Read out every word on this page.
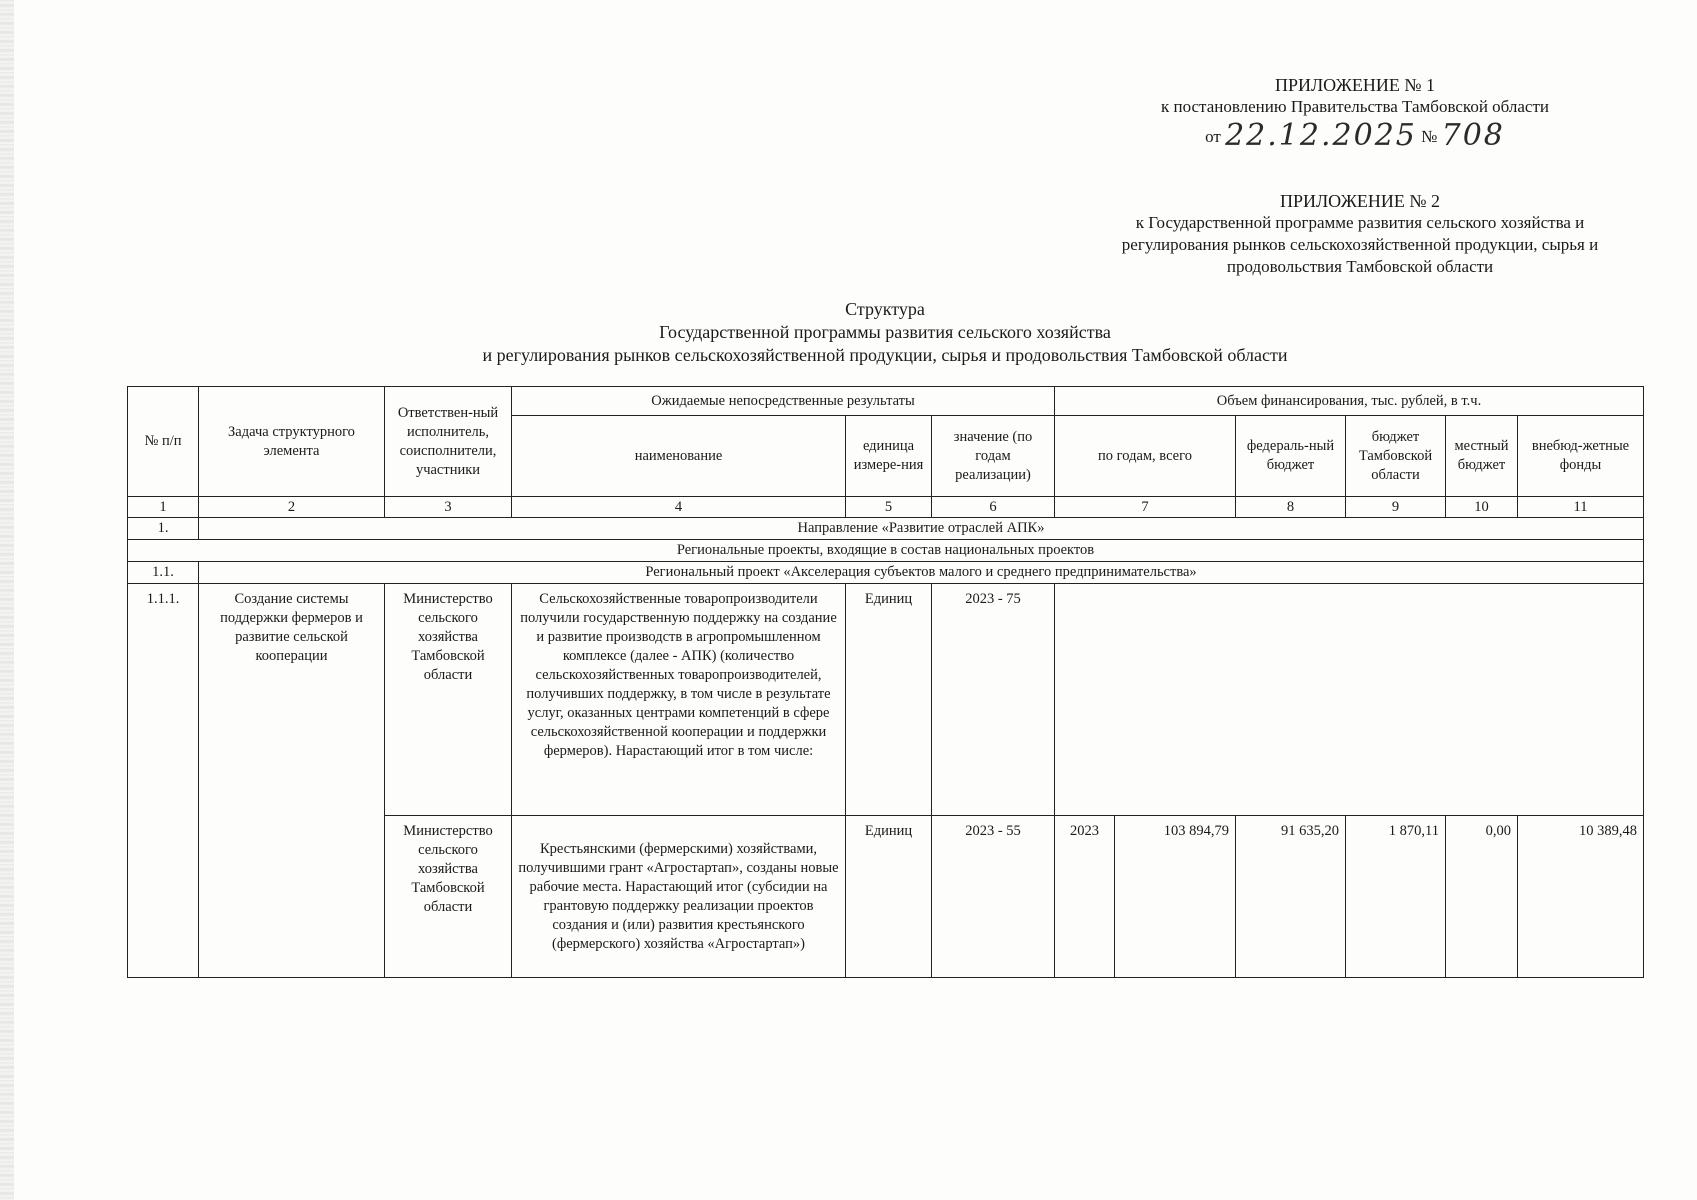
ПРИЛОЖЕНИЕ № 1
к постановлению Правительства Тамбовской области
от 22.12.2025 № 708
ПРИЛОЖЕНИЕ № 2
к Государственной программе развития сельского хозяйства и
регулирования рынков сельскохозяйственной продукции, сырья и
продовольствия Тамбовской области
Структура
Государственной программы развития сельского хозяйства
и регулирования рынков сельскохозяйственной продукции, сырья и продовольствия Тамбовской области
№ п/п	Задача структурного элемента	Ответствен-ный исполнитель, соисполнители, участники	Ожидаемые непосредственные результаты			Объем финансирования, тыс. рублей, в т.ч.					
			наименование	единица измере-ния	значение (по годам реализации)	по годам, всего		федераль-ный бюджет	бюджет Тамбовской области	местный бюджет	внебюд-жетные фонды
1	2	3	4	5	6	7		8	9	10	11
1.	Направление «Развитие отраслей АПК»										
Региональные проекты, входящие в состав национальных проектов											
1.1.	Региональный проект «Акселерация субъектов малого и среднего предпринимательства»										
1.1.1.	Создание системы поддержки фермеров и развитие сельской кооперации	Министерство сельского хозяйства Тамбовской области	Сельскохозяйственные товаропроизводители получили государственную поддержку на создание и развитие производств в агропромышленном комплексе (далее - АПК) (количество сельскохозяйственных товаропроизводителей, получивших поддержку, в том числе в результате услуг, оказанных центрами компетенций в сфере сельскохозяйственной кооперации и поддержки фермеров). Нарастающий итог в том числе:	Единиц	2023 - 75						
		Министерство сельского хозяйства Тамбовской области	Крестьянскими (фермерскими) хозяйствами, получившими грант «Агростартап», созданы новые рабочие места. Нарастающий итог (субсидии на грантовую поддержку реализации проектов создания и (или) развития крестьянского (фермерского) хозяйства «Агростартап»)	Единиц	2023 - 55	2023	103 894,79	91 635,20	1 870,11	0,00	10 389,48
